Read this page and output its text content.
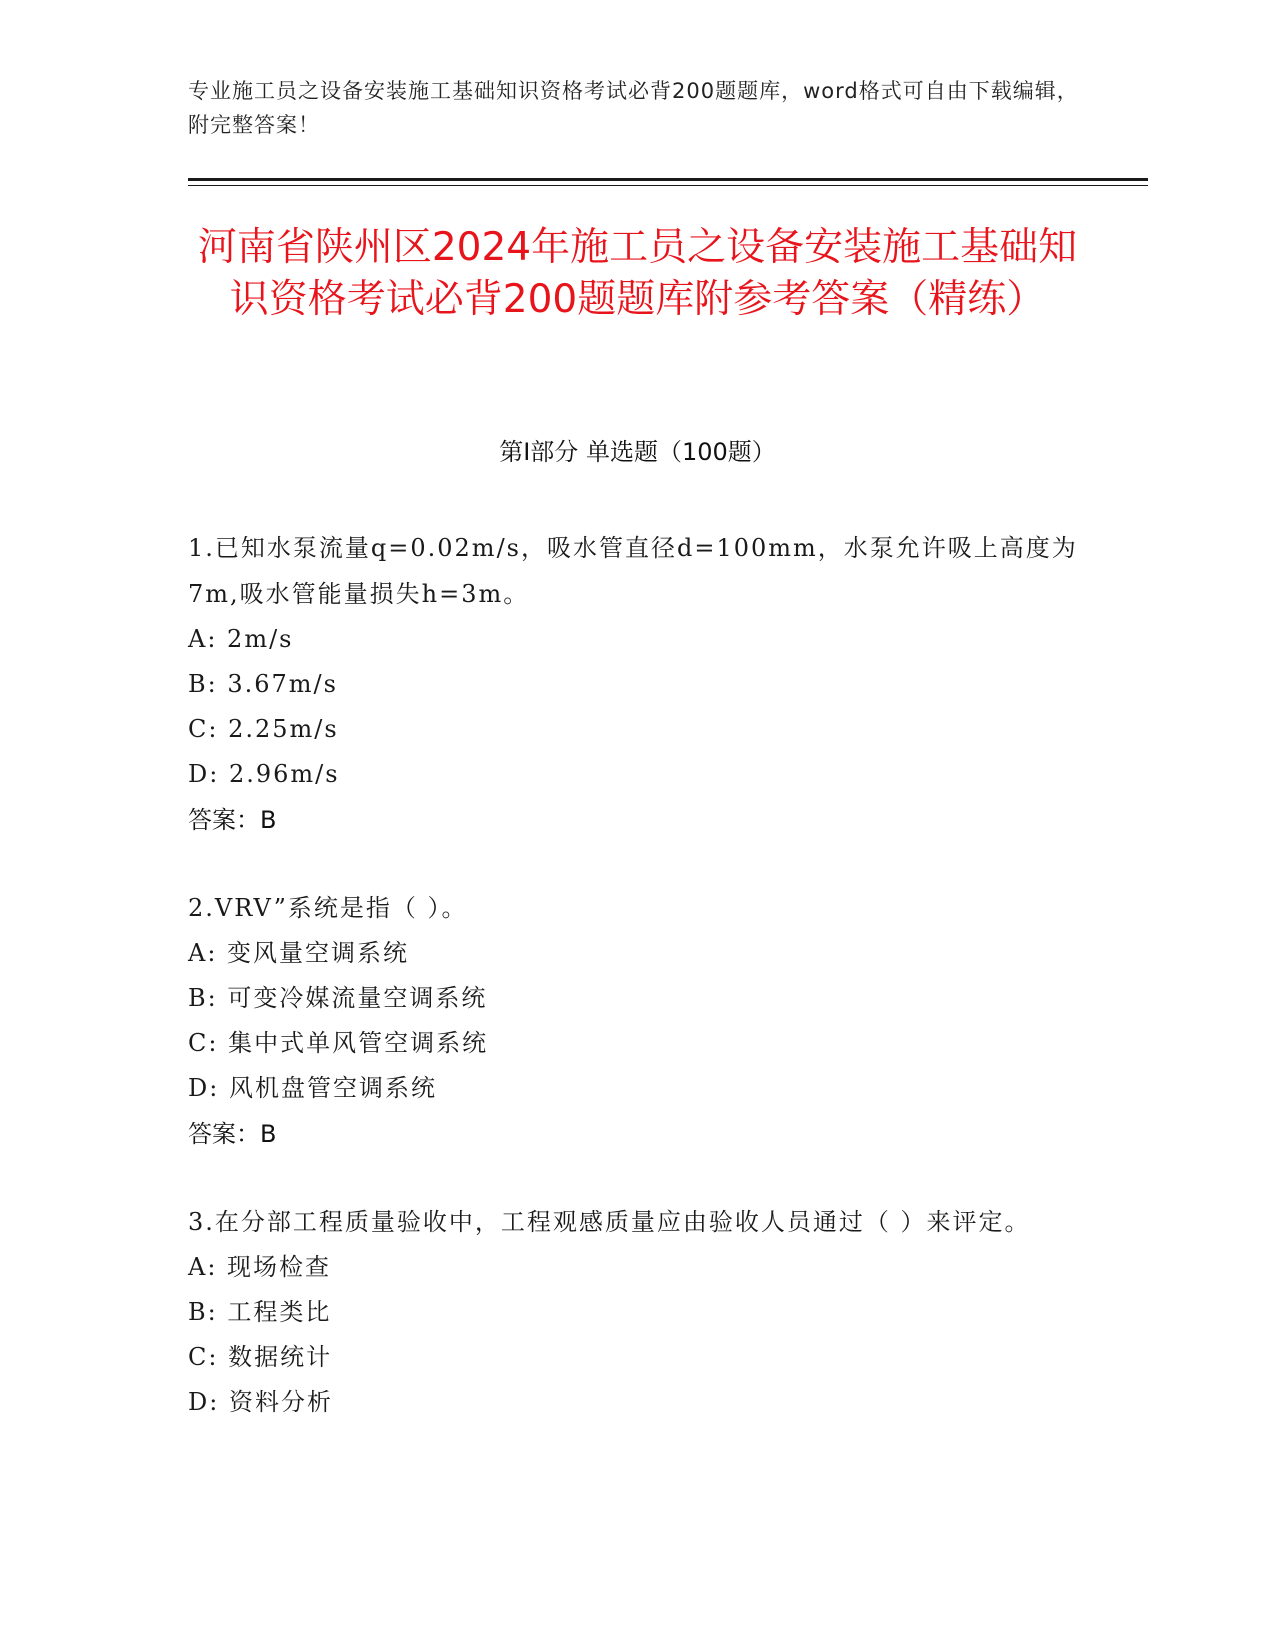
专业施工员之设备安装施工基础知识资格考试必背200题题库，word格式可自由下载编辑，附完整答案！
河南省陕州区2024年施工员之设备安装施工基础知识资格考试必背200题题库附参考答案（精练）
第Ⅰ部分 单选题（100题）
1.已知水泵流量q=0.02m/s，吸水管直径d=100mm，水泵允许吸上高度为7m,吸水管能量损失h=3m。
A: 2m/s
B: 3.67m/s
C: 2.25m/s
D: 2.96m/s
答案：B
2.VRV”系统是指（ ）。
A: 变风量空调系统
B: 可变冷媒流量空调系统
C: 集中式单风管空调系统
D: 风机盘管空调系统
答案：B
3.在分部工程质量验收中，工程观感质量应由验收人员通过（ ）来评定。
A: 现场检查
B: 工程类比
C: 数据统计
D: 资料分析
